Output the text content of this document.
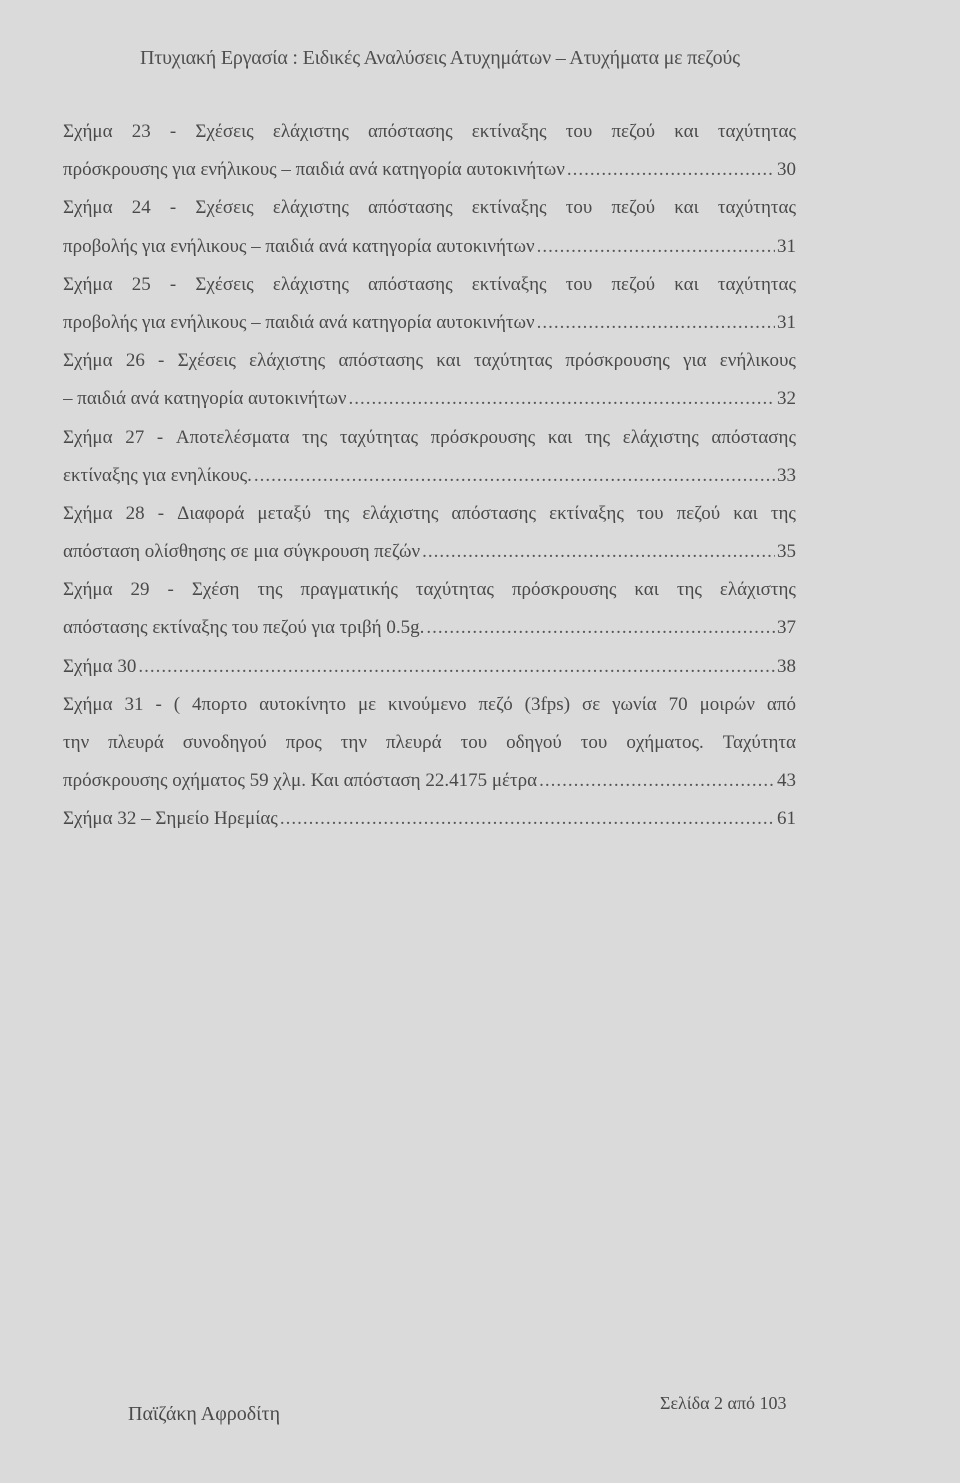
Πτυχιακή Εργασία : Ειδικές Αναλύσεις Ατυχημάτων – Ατυχήματα με πεζούς
Σχήμα 23 - Σχέσεις ελάχιστης απόστασης εκτίναξης του πεζού και ταχύτητας
πρόσκρουσης για ενήλικους – παιδιά ανά κατηγορία αυτοκινήτων .....	30
Σχήμα 24 - Σχέσεις ελάχιστης απόστασης εκτίναξης του πεζού και ταχύτητας
προβολής για ενήλικους – παιδιά ανά κατηγορία αυτοκινήτων .....	31
Σχήμα 25 - Σχέσεις ελάχιστης απόστασης εκτίναξης του πεζού και ταχύτητας
προβολής για ενήλικους – παιδιά ανά κατηγορία αυτοκινήτων .....	31
Σχήμα 26 - Σχέσεις ελάχιστης απόστασης και ταχύτητας πρόσκρουσης για ενήλικους
– παιδιά ανά κατηγορία αυτοκινήτων .....	32
Σχήμα 27 - Αποτελέσματα της ταχύτητας πρόσκρουσης και της ελάχιστης απόστασης
εκτίναξης για ενηλίκους. .....	33
Σχήμα 28 - Διαφορά μεταξύ της ελάχιστης απόστασης εκτίναξης του πεζού και της
απόσταση ολίσθησης σε μια σύγκρουση πεζών .....	35
Σχήμα 29 - Σχέση της πραγματικής ταχύτητας πρόσκρουσης και της ελάχιστης
απόστασης εκτίναξης του πεζού για τριβή 0.5g. .....	37
Σχήμα 30 .....	38
Σχήμα 31 - ( 4πορτο αυτοκίνητο με κινούμενο πεζό (3fps) σε γωνία 70 μοιρών από
την πλευρά συνοδηγού προς την πλευρά του οδηγού του οχήματος. Ταχύτητα
πρόσκρουσης οχήματος 59 χλμ. Και απόσταση 22.4175 μέτρα .....	43
Σχήμα 32 – Σημείο Ηρεμίας .....	61
Παϊζάκη Αφροδίτη	Σελίδα 2 από 103
